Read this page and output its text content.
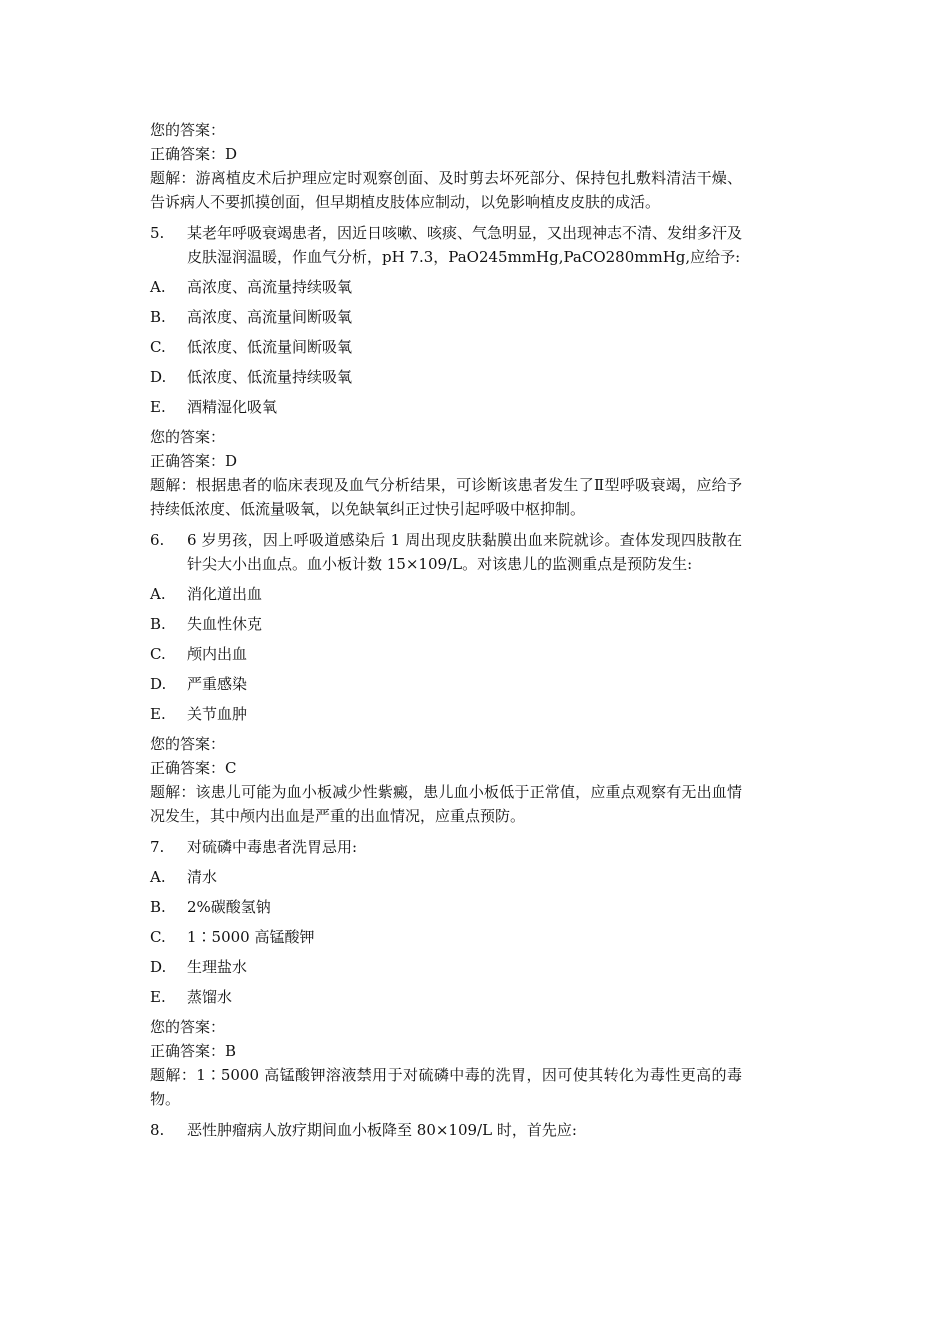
您的答案：

正确答案：D

题解：游离植皮术后护理应定时观察创面、及时剪去坏死部分、保持包扎敷料清洁干燥、告诉病人不要抓摸创面，但早期植皮肢体应制动，以免影响植皮皮肤的成活。

5.	某老年呼吸衰竭患者，因近日咳嗽、咳痰、气急明显，又出现神志不清、发绀多汗及皮肤湿润温暖，作血气分析，pH 7.3，PaO245mmHg,PaCO280mmHg,应给予:
A.	高浓度、高流量持续吸氧
B.	高浓度、高流量间断吸氧
C.	低浓度、低流量间断吸氧
D.	低浓度、低流量持续吸氧
E.	酒精湿化吸氧

您的答案：

正确答案：D

题解：根据患者的临床表现及血气分析结果，可诊断该患者发生了Ⅱ型呼吸衰竭，应给予持续低浓度、低流量吸氧，以免缺氧纠正过快引起呼吸中枢抑制。

6.	6 岁男孩，因上呼吸道感染后 1 周出现皮肤黏膜出血来院就诊。查体发现四肢散在针尖大小出血点。血小板计数 15×109/L。对该患儿的监测重点是预防发生:
A.	消化道出血
B.	失血性休克
C.	颅内出血
D.	严重感染
E.	关节血肿

您的答案：

正确答案：C

题解：该患儿可能为血小板减少性紫癜，患儿血小板低于正常值，应重点观察有无出血情况发生，其中颅内出血是严重的出血情况，应重点预防。

7.	对硫磷中毒患者洗胃忌用:
A.	清水
B.	2%碳酸氢钠
C.	1∶5000 高锰酸钾
D.	生理盐水
E.	蒸馏水

您的答案：

正确答案：B

题解：1∶5000 高锰酸钾溶液禁用于对硫磷中毒的洗胃，因可使其转化为毒性更高的毒物。

8.	恶性肿瘤病人放疗期间血小板降至 80×109/L 时，首先应:
